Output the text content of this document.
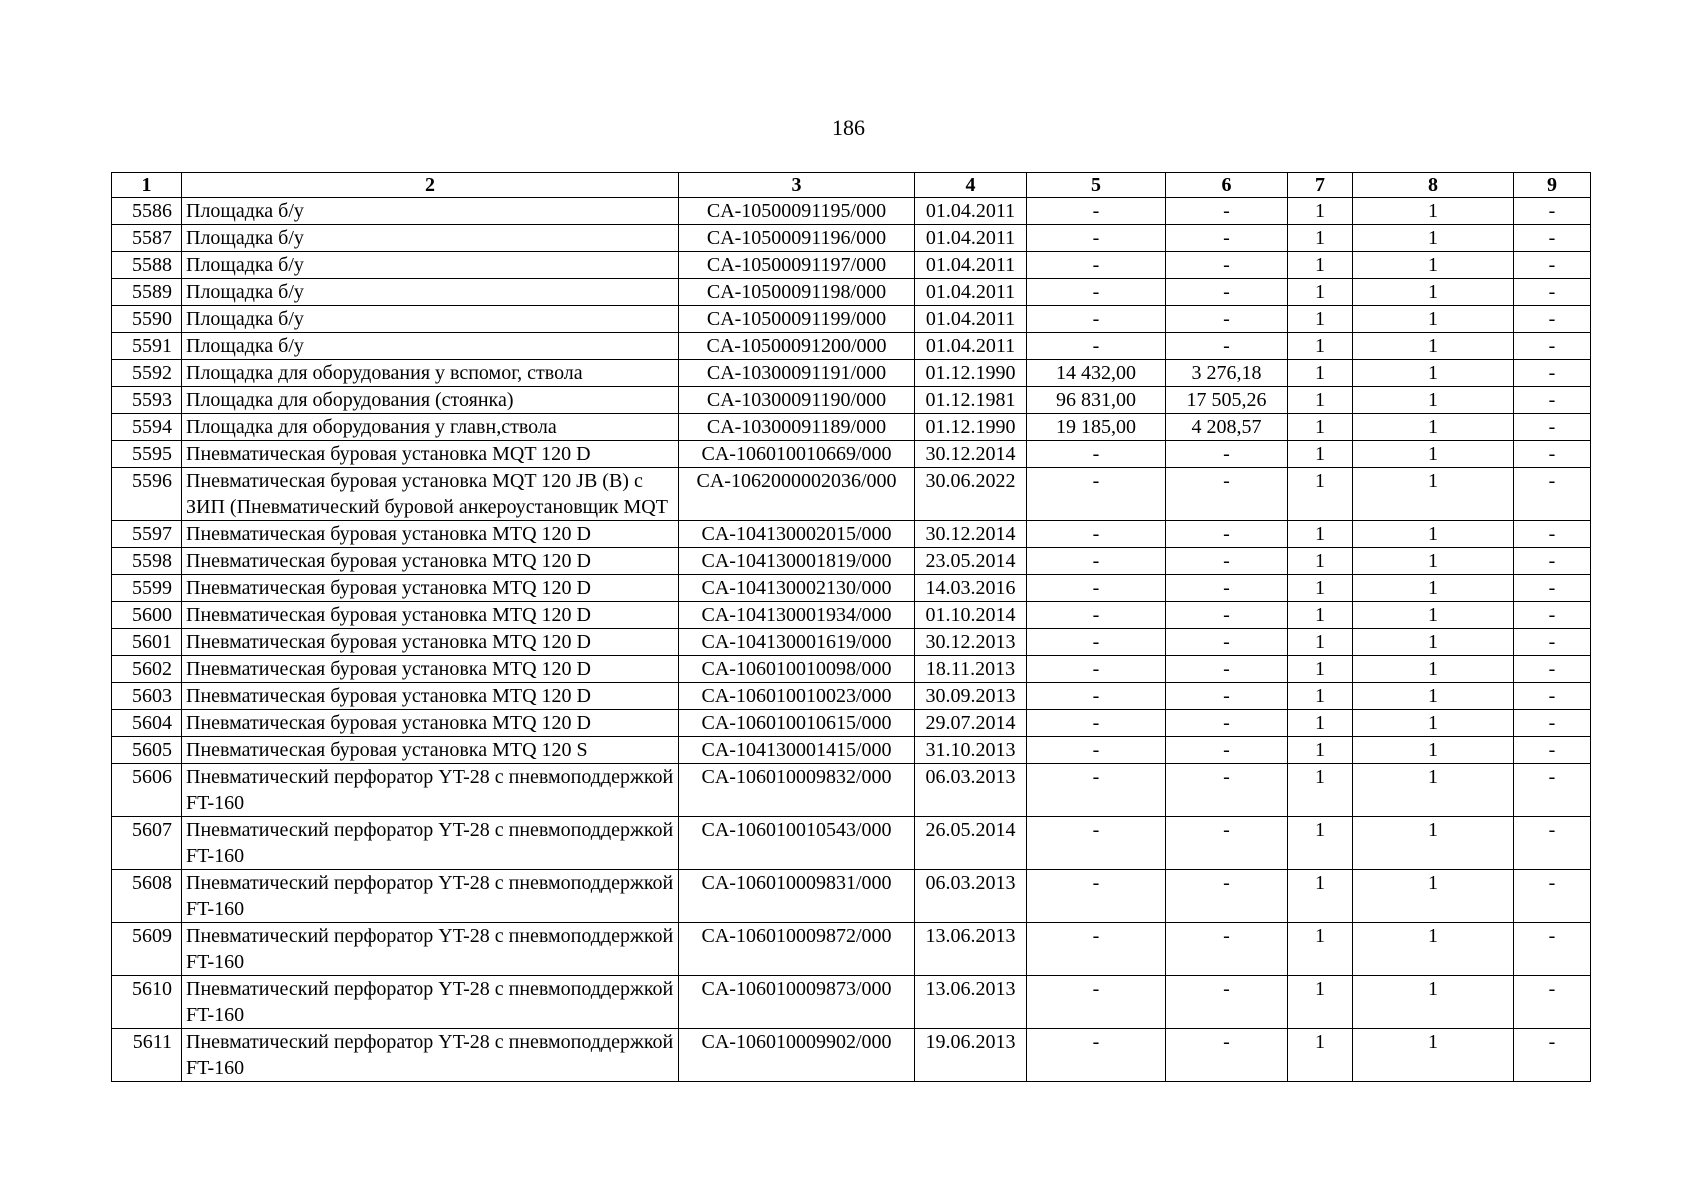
186
1	2	3	4	5	6	7	8	9
5586	Площадка б/у	CA-10500091195/000	01.04.2011	-	-	1	1	-
5587	Площадка б/у	CA-10500091196/000	01.04.2011	-	-	1	1	-
5588	Площадка б/у	CA-10500091197/000	01.04.2011	-	-	1	1	-
5589	Площадка б/у	CA-10500091198/000	01.04.2011	-	-	1	1	-
5590	Площадка б/у	CA-10500091199/000	01.04.2011	-	-	1	1	-
5591	Площадка б/у	CA-10500091200/000	01.04.2011	-	-	1	1	-
5592	Площадка для оборудования у вспомог, ствола	CA-10300091191/000	01.12.1990	14 432,00	3 276,18	1	1	-
5593	Площадка для оборудования (стоянка)	CA-10300091190/000	01.12.1981	96 831,00	17 505,26	1	1	-
5594	Площадка для оборудования у главн,ствола	CA-10300091189/000	01.12.1990	19 185,00	4 208,57	1	1	-
5595	Пневматическая буровая установка MQT 120 D	CA-106010010669/000	30.12.2014	-	-	1	1	-
5596	Пневматическая буровая установка MQT 120 JB (B) с ЗИП (Пневматический буровой анкероустановщик MQT	CA-1062000002036/000	30.06.2022	-	-	1	1	-
5597	Пневматическая буровая установка MTQ 120 D	CA-104130002015/000	30.12.2014	-	-	1	1	-
5598	Пневматическая буровая установка MTQ 120 D	CA-104130001819/000	23.05.2014	-	-	1	1	-
5599	Пневматическая буровая установка MTQ 120 D	CA-104130002130/000	14.03.2016	-	-	1	1	-
5600	Пневматическая буровая установка MTQ 120 D	CA-104130001934/000	01.10.2014	-	-	1	1	-
5601	Пневматическая буровая установка MTQ 120 D	CA-104130001619/000	30.12.2013	-	-	1	1	-
5602	Пневматическая буровая установка MTQ 120 D	CA-106010010098/000	18.11.2013	-	-	1	1	-
5603	Пневматическая буровая установка MTQ 120 D	CA-106010010023/000	30.09.2013	-	-	1	1	-
5604	Пневматическая буровая установка MTQ 120 D	CA-106010010615/000	29.07.2014	-	-	1	1	-
5605	Пневматическая буровая установка MTQ 120 S	CA-104130001415/000	31.10.2013	-	-	1	1	-
5606	Пневматический перфоратор YT-28 с пневмоподдержкой FT-160	CA-106010009832/000	06.03.2013	-	-	1	1	-
5607	Пневматический перфоратор YT-28 с пневмоподдержкой FT-160	CA-106010010543/000	26.05.2014	-	-	1	1	-
5608	Пневматический перфоратор YT-28 с пневмоподдержкой FT-160	CA-106010009831/000	06.03.2013	-	-	1	1	-
5609	Пневматический перфоратор YT-28 с пневмоподдержкой FT-160	CA-106010009872/000	13.06.2013	-	-	1	1	-
5610	Пневматический перфоратор YT-28 с пневмоподдержкой FT-160	CA-106010009873/000	13.06.2013	-	-	1	1	-
5611	Пневматический перфоратор YT-28 с пневмоподдержкой FT-160	CA-106010009902/000	19.06.2013	-	-	1	1	-
